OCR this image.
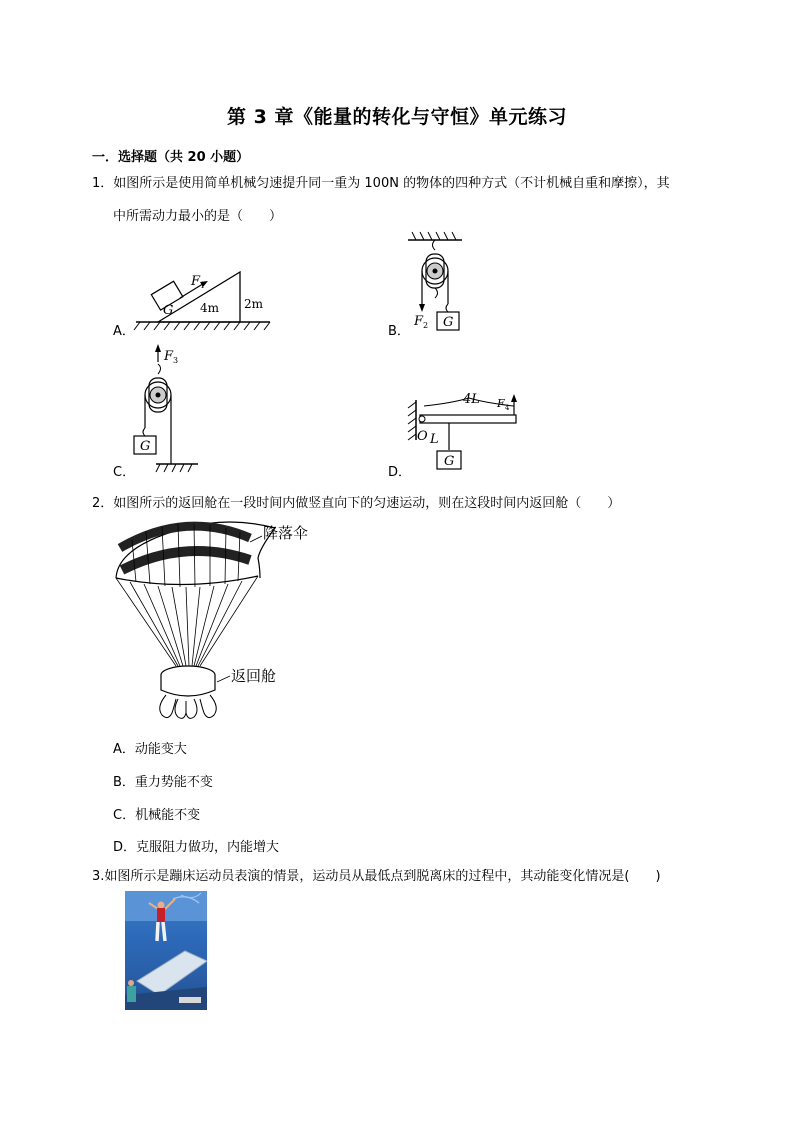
第 3 章《能量的转化与守恒》单元练习
一．选择题（共 20 小题）
1．如图所示是使用简单机械匀速提升同一重为 100N 的物体的四种方式（不计机械自重和摩擦），其
中所需动力最小的是（　　）
A．	B．
C．	D．
G
F 1
4m 2m
G
F 2
F 3
G
4L F 4
O L
G
2．如图所示的返回舱在一段时间内做竖直向下的匀速运动，则在这段时间内返回舱（　　）
降落伞
返回舱
A．动能变大
B．重力势能不变
C．机械能不变
D．克服阻力做功，内能增大
3.如图所示是蹦床运动员表演的情景，运动员从最低点到脱离床的过程中，其动能变化情况是(　　)
